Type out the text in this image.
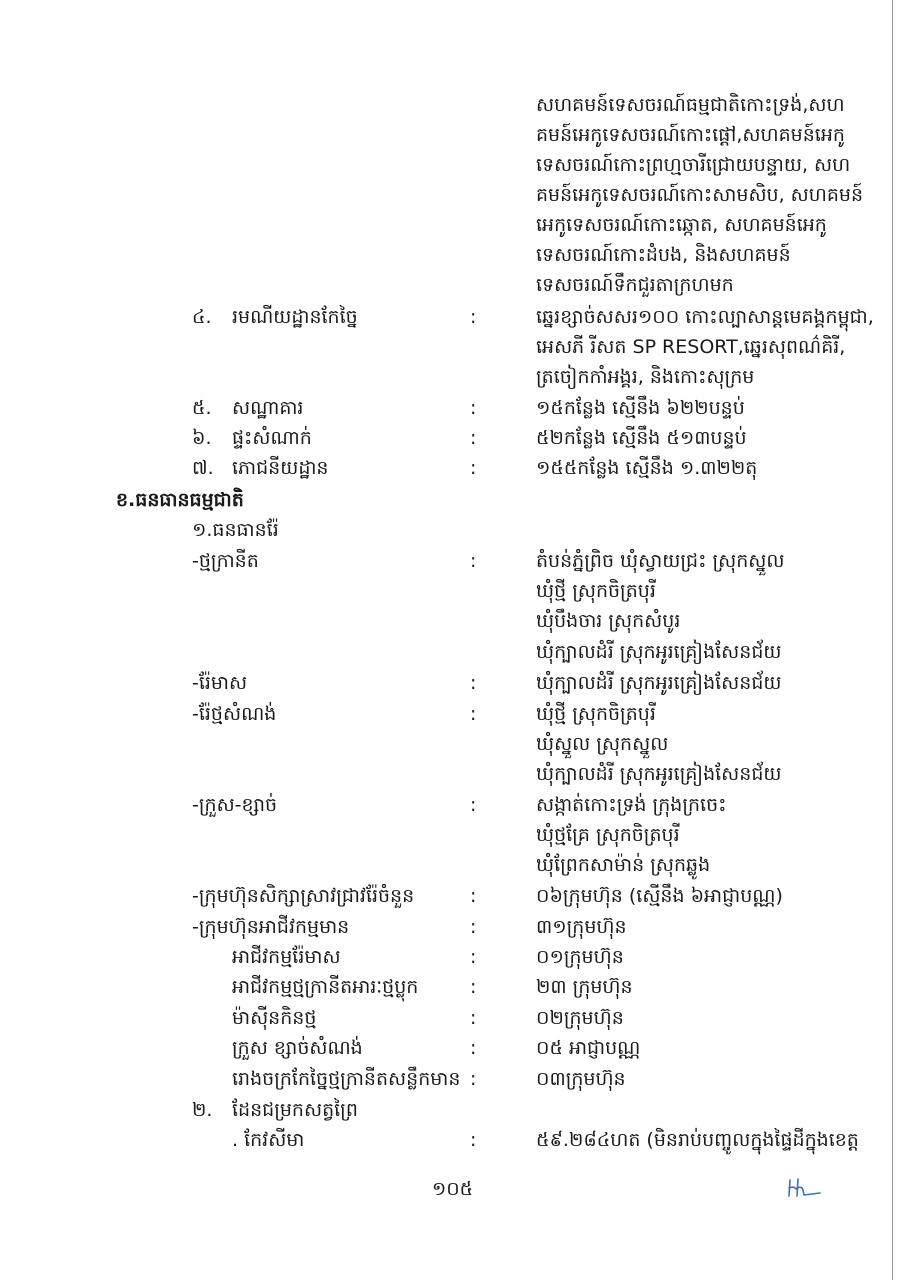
សហគមន៍ទេសចរណ៍ធម្មជាតិកោះទ្រង់,សហ
គមន៍អេកូទេសចរណ៍កោះផ្ដៅ,សហគមន៍អេកូ
ទេសចរណ៍កោះព្រហ្មចារីជ្រោយបន្ទាយ, សហ
គមន៍អេកូទេសចរណ៍កោះសាមសិប, សហគមន៍
អេកូទេសចរណ៍កោះឆ្កោត, សហគមន៍អេកូ
ទេសចរណ៍កោះដំបង, និងសហគមន៍
ទេសចរណ៍ទឹកជួរតាក្រហមក
៤. រមណីយដ្ឋានកែច្នៃ	:	ឆ្នេរខ្សាច់សសរ១០០ កោះល្បាសាន្តមេគង្គកម្ពុជា,
អេសភី រីសត SP RESORT,ឆ្នេរសុពណ៌គិរី,
ត្រចៀកកាំអង្គរ, និងកោះសុក្រម
៥. សណ្ឋាគារ	:	១៥កន្លែង ស្មើនឹង ៦២២បន្ទប់
៦. ផ្ទះសំណាក់	:	៥២កន្លែង ស្មើនឹង ៥១៣បន្ទប់
៧. ភោជនីយដ្ឋាន	:	១៥៥កន្លែង ស្មើនឹង ១.៣២២តុ
ខ.ធនធានធម្មជាតិ
១.ធនធានរ៉ែ
-ថ្មក្រានីត	:	តំបន់ភ្នំព្រិច ឃុំស្វាយជ្រះ ស្រុកស្នួល
ឃុំថ្មី ស្រុកចិត្របុរី
ឃុំបឹងចារ ស្រុកសំបូរ
ឃុំក្បាលដំរី ស្រុកអូរគ្រៀងសែនជ័យ
-រ៉ែមាស	:	ឃុំក្បាលដំរី ស្រុកអូរគ្រៀងសែនជ័យ
-រ៉ែថ្មសំណង់	:	ឃុំថ្មី ស្រុកចិត្របុរី
ឃុំស្នួល ស្រុកស្នួល
ឃុំក្បាលដំរី ស្រុកអូរគ្រៀងសែនជ័យ
-ក្រួស-ខ្សាច់	:	សង្កាត់កោះទ្រង់ ក្រុងក្រចេះ
ឃុំថ្មគ្រែ ស្រុកចិត្របុរី
ឃុំព្រែកសាម៉ាន់ ស្រុកឆ្លូង
-ក្រុមហ៊ុនសិក្សាស្រាវជ្រាវរ៉ែចំនួន	:	០៦ក្រុមហ៊ុន (ស្មើនឹង ៦អាជ្ញាបណ្ណ)
-ក្រុមហ៊ុនអាជីវកម្មមាន	:	៣១ក្រុមហ៊ុន
អាជីវកម្មរ៉ែមាស	:	០១ក្រុមហ៊ុន
អាជីវកម្មថ្មក្រានីតអារៈថ្មប្លុក	:	២៣ ក្រុមហ៊ុន
ម៉ាស៊ីនកិនថ្ម	:	០២ក្រុមហ៊ុន
ក្រួស ខ្សាច់សំណង់	:	០៥ អាជ្ញាបណ្ណ
រោងចក្រកែច្នៃថ្មក្រានីតសន្លឹកមាន :	០៣ក្រុមហ៊ុន
២. ដែនជម្រកសត្វព្រៃ
. កែវសីមា	:	៥៩.២៨៤ហត (មិនរាប់បញ្ចូលក្នុងផ្ទៃដីក្នុងខេត្ត
១០៥
